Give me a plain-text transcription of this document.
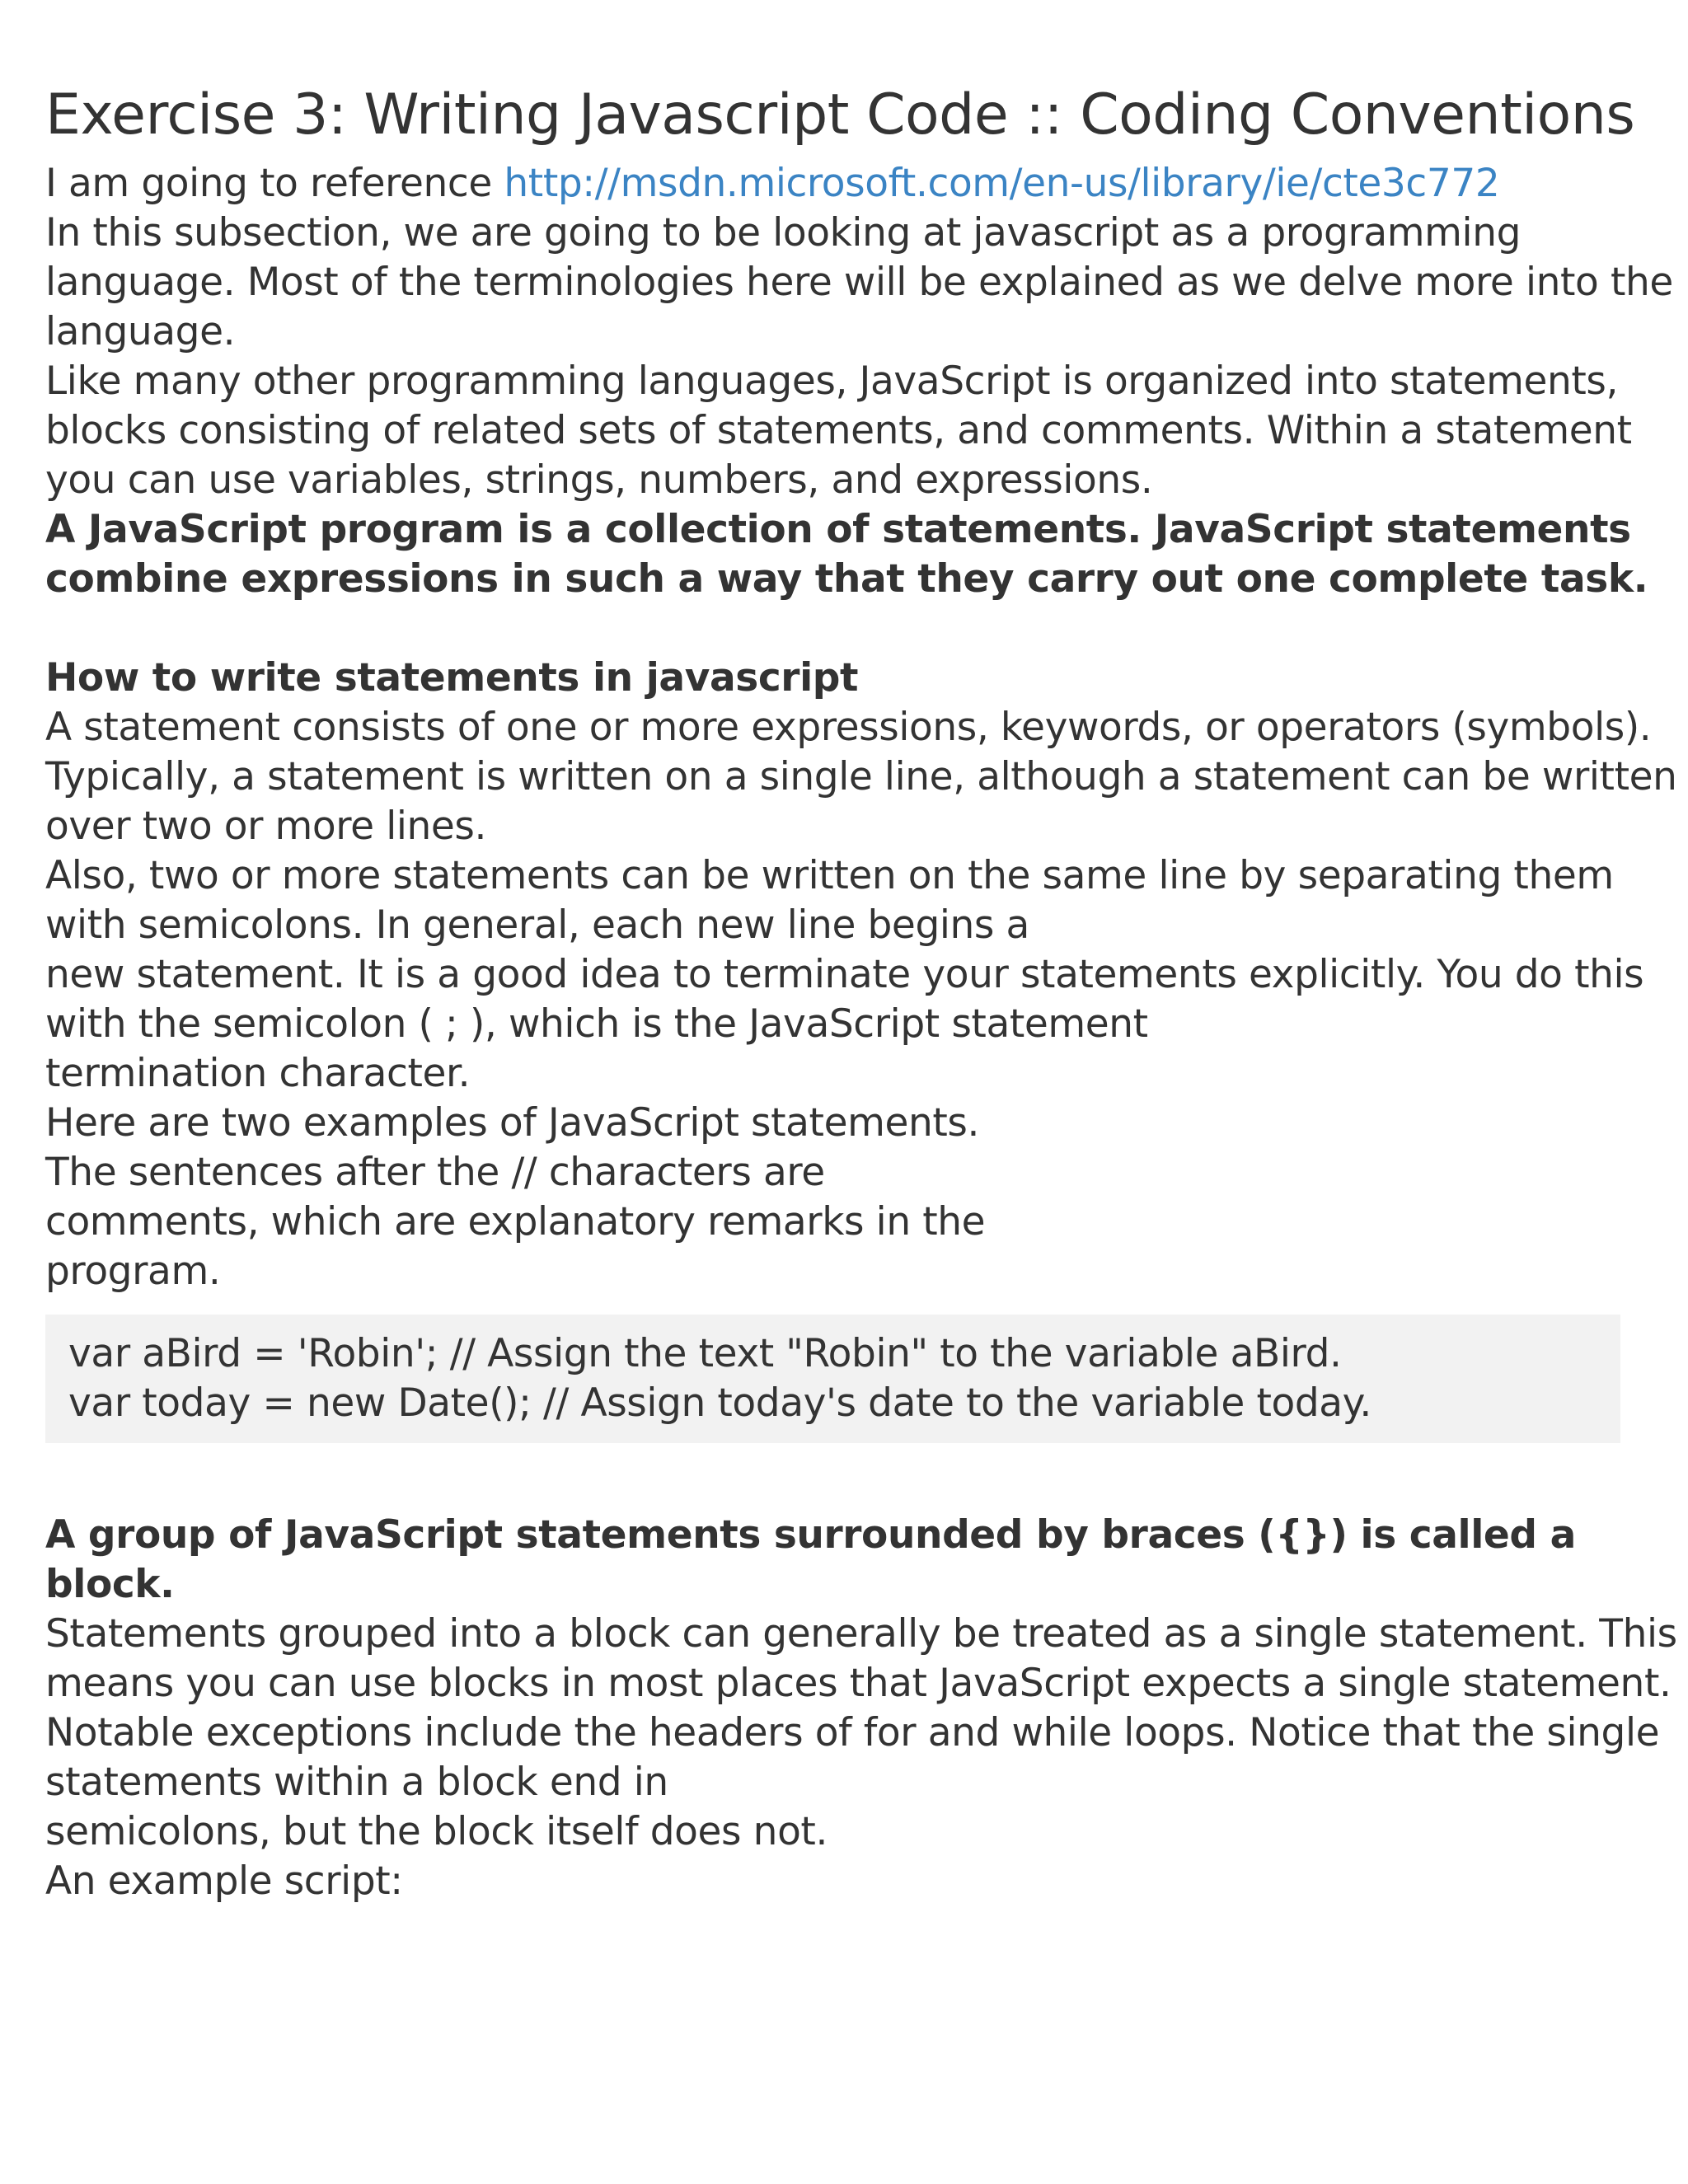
Exercise 3: Writing Javascript Code :: Coding Conventions
I am going to reference http://msdn.microsoft.com/en-us/library/ie/cte3c772
In this subsection, we are going to be looking at javascript as a programming
language. Most of the terminologies here will be explained as we delve more into the
language.
Like many other programming languages, JavaScript is organized into statements,
blocks consisting of related sets of statements, and comments. Within a statement
you can use variables, strings, numbers, and expressions.
A JavaScript program is a collection of statements. JavaScript statements
combine expressions in such a way that they carry out one complete task.
How to write statements in javascript
A statement consists of one or more expressions, keywords, or operators (symbols).
Typically, a statement is written on a single line, although a statement can be written
over two or more lines.
Also, two or more statements can be written on the same line by separating them
with semicolons. In general, each new line begins a
new statement. It is a good idea to terminate your statements explicitly. You do this
with the semicolon ( ; ), which is the JavaScript statement
termination character.
Here are two examples of JavaScript statements.
The sentences after the // characters are
comments, which are explanatory remarks in the
program.
var aBird = 'Robin'; // Assign the text "Robin" to the variable aBird.
var today = new Date(); // Assign today's date to the variable today.
A group of JavaScript statements surrounded by braces ({}) is called a
block.
Statements grouped into a block can generally be treated as a single statement. This
means you can use blocks in most places that JavaScript expects a single statement.
Notable exceptions include the headers of for and while loops. Notice that the single
statements within a block end in
semicolons, but the block itself does not.
An example script:
